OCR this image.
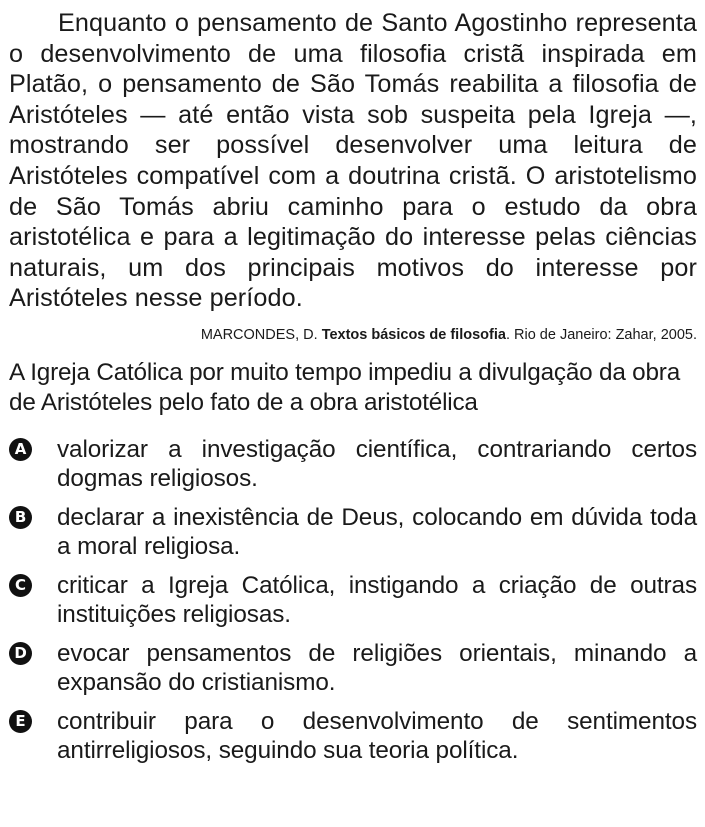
Enquanto o pensamento de Santo Agostinho representa o desenvolvimento de uma filosofia cristã inspirada em Platão, o pensamento de São Tomás reabilita a filosofia de Aristóteles — até então vista sob suspeita pela Igreja —, mostrando ser possível desenvolver uma leitura de Aristóteles compatível com a doutrina cristã. O aristotelismo de São Tomás abriu caminho para o estudo da obra aristotélica e para a legitimação do interesse pelas ciências naturais, um dos principais motivos do interesse por Aristóteles nesse período.

MARCONDES, D. Textos básicos de filosofia. Rio de Janeiro: Zahar, 2005.

A Igreja Católica por muito tempo impediu a divulgação da obra de Aristóteles pelo fato de a obra aristotélica

A valorizar a investigação científica, contrariando certos dogmas religiosos.
B declarar a inexistência de Deus, colocando em dúvida toda a moral religiosa.
C criticar a Igreja Católica, instigando a criação de outras instituições religiosas.
D evocar pensamentos de religiões orientais, minando a expansão do cristianismo.
E contribuir para o desenvolvimento de sentimentos antirreligiosos, seguindo sua teoria política.
